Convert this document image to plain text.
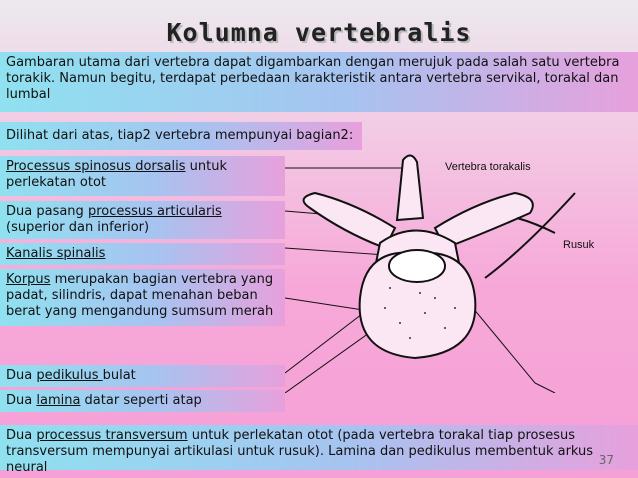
Kolumna vertebralis
Gambaran utama dari vertebra dapat digambarkan dengan merujuk pada salah satu vertebra torakik. Namun begitu, terdapat perbedaan karakteristik antara vertebra servikal, torakal dan lumbal
Dilihat dari atas, tiap2 vertebra mempunyai bagian2:
Processus spinosus dorsalis untuk perlekatan otot
Dua pasang processus articularis (superior dan inferior)
Kanalis spinalis
Korpus merupakan bagian vertebra yang padat, silindris, dapat menahan beban berat yang mengandung sumsum merah
Dua pedikulus bulat
Dua lamina datar seperti atap
Dua processus transversum untuk perlekatan otot (pada vertebra torakal tiap prosesus transversum mempunyai artikulasi untuk rusuk). Lamina dan pedikulus membentuk arkus neural
Vertebra torakalis
Rusuk
37
